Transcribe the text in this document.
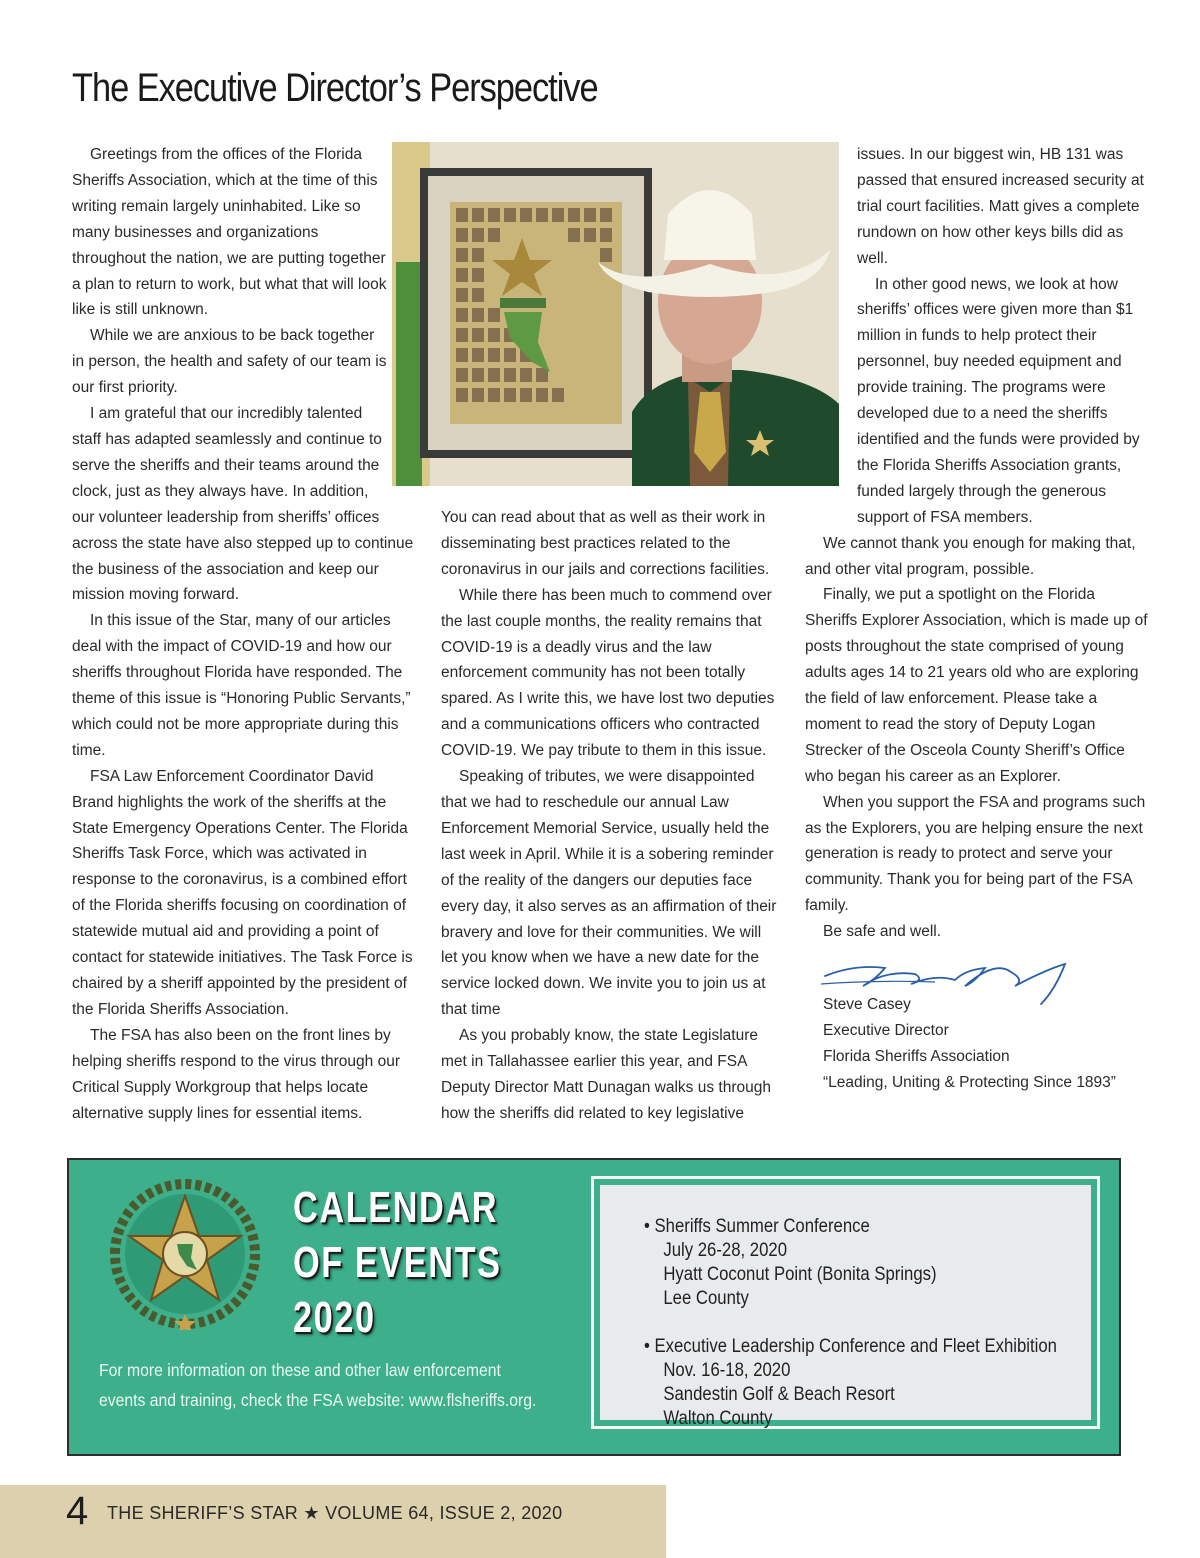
The Executive Director’s Perspective

Greetings from the offices of the Florida Sheriffs Association, which at the time of this writing remain largely uninhabited. Like so many businesses and organizations throughout the nation, we are putting together a plan to return to work, but what that will look like is still unknown.

While we are anxious to be back together in person, the health and safety of our team is our first priority.

I am grateful that our incredibly talented staff has adapted seamlessly and continue to serve the sheriffs and their teams around the clock, just as they always have. In addition, our volunteer leadership from sheriffs’ offices across the state have also stepped up to continue the business of the association and keep our mission moving forward.

In this issue of the Star, many of our articles deal with the impact of COVID-19 and how our sheriffs throughout Florida have responded. The theme of this issue is “Honoring Public Servants,” which could not be more appropriate during this time.

FSA Law Enforcement Coordinator David Brand highlights the work of the sheriffs at the State Emergency Operations Center. The Florida Sheriffs Task Force, which was activated in response to the coronavirus, is a combined effort of the Florida sheriffs focusing on coordination of statewide mutual aid and providing a point of contact for statewide initiatives. The Task Force is chaired by a sheriff appointed by the president of the Florida Sheriffs Association.

The FSA has also been on the front lines by helping sheriffs respond to the virus through our Critical Supply Workgroup that helps locate alternative supply lines for essential items.

You can read about that as well as their work in disseminating best practices related to the coronavirus in our jails and corrections facilities.

While there has been much to commend over the last couple months, the reality remains that COVID-19 is a deadly virus and the law enforcement community has not been totally spared. As I write this, we have lost two deputies and a communications officers who contracted COVID-19. We pay tribute to them in this issue.

Speaking of tributes, we were disappointed that we had to reschedule our annual Law Enforcement Memorial Service, usually held the last week in April. While it is a sobering reminder of the reality of the dangers our deputies face every day, it also serves as an affirmation of their bravery and love for their communities. We will let you know when we have a new date for the service locked down. We invite you to join us at that time

As you probably know, the state Legislature met in Tallahassee earlier this year, and FSA Deputy Director Matt Dunagan walks us through how the sheriffs did related to key legislative

issues. In our biggest win, HB 131 was passed that ensured increased security at trial court facilities. Matt gives a complete rundown on how other keys bills did as well.

In other good news, we look at how sheriffs’ offices were given more than $1 million in funds to help protect their personnel, buy needed equipment and provide training. The programs were developed due to a need the sheriffs identified and the funds were provided by the Florida Sheriffs Association grants, funded largely through the generous support of FSA members.

We cannot thank you enough for making that, and other vital program, possible.

Finally, we put a spotlight on the Florida Sheriffs Explorer Association, which is made up of posts throughout the state comprised of young adults ages 14 to 21 years old who are exploring the field of law enforcement. Please take a moment to read the story of Deputy Logan Strecker of the Osceola County Sheriff’s Office who began his career as an Explorer.

When you support the FSA and programs such as the Explorers, you are helping ensure the next generation is ready to protect and serve your community. Thank you for being part of the FSA family.

Be safe and well.

Steve Casey
Executive Director
Florida Sheriffs Association
“Leading, Uniting & Protecting Since 1893”
CALENDAR
OF EVENTS
2020
For more information on these and other law enforcement events and training, check the FSA website: www.flsheriffs.org.
• Sheriffs Summer Conference
July 26-28, 2020
Hyatt Coconut Point (Bonita Springs)
Lee County
• Executive Leadership Conference and Fleet Exhibition
Nov. 16-18, 2020
Sandestin Golf & Beach Resort
Walton County
4 THE SHERIFF’S STAR ★ VOLUME 64, ISSUE 2, 2020
